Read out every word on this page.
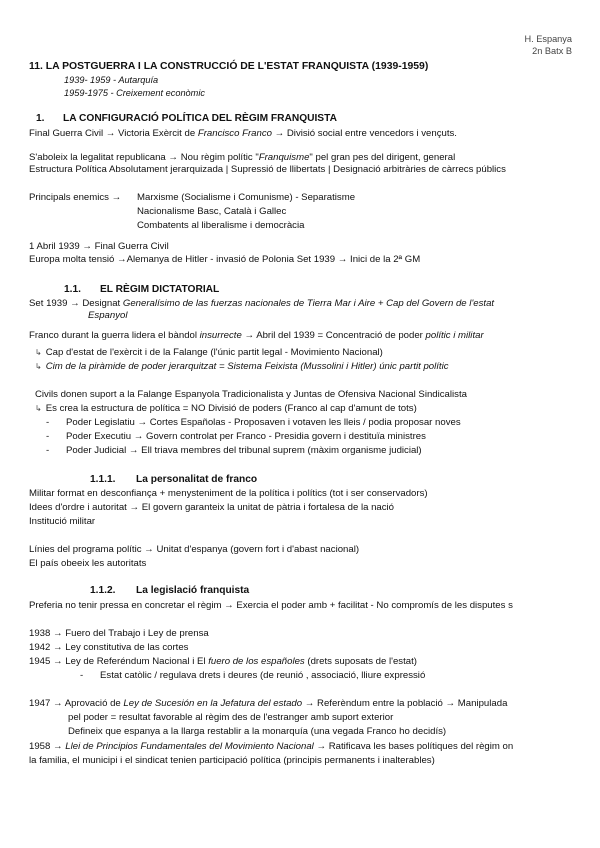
H. Espanya
2n Batx B
11. LA POSTGUERRA I LA CONSTRUCCIÓ DE L'ESTAT FRANQUISTA (1939-1959)
1939- 1959 - Autarquía
1959-1975 - Creixement econòmic
1. LA CONFIGURACIÓ POLÍTICA DEL RÈGIM FRANQUISTA
Final Guerra Civil → Victoria Exèrcit de Francisco Franco → Divisió social entre vencedors i vençuts.
S'aboleix la legalitat republicana → Nou règim polític "Franquisme" pel gran pes del dirigent, general
Estructura Política Absolutament jerarquizada | Supressió de llibertats | Designació arbitràries de càrrecs públics
Principals enemics → Marxisme (Socialisme i Comunisme) - Separatisme
Nacionalisme Basc, Català i Gallec
Combatents al liberalisme i democràcia
1 Abril 1939 → Final Guerra Civil
Europa molta tensió →Alemanya de Hitler - invasió de Polonia Set 1939 → Inici de la 2ª GM
1.1. EL RÈGIM DICTATORIAL
Set 1939 → Designat Generalísimo de las fuerzas nacionales de Tierra Mar i Aire + Cap del Govern de l'estat
Espanyol
Franco durant la guerra lidera el bàndol insurrecte → Abril del 1939 = Concentració de poder polític i militar
↳ Cap d'estat de l'exèrcit i de la Falange (l'únic partit legal - Movimiento Nacional)
↳ Cim de la piràmide de poder jerarquitzat = Sistema Feixista (Mussolini i Hitler) únic partit polític
Civils donen suport a la Falange Espanyola Tradicionalista y Juntas de Ofensiva Nacional Sindicalista
↳ Es crea la estructura de política = NO Divisió de poders (Franco al cap d'amunt de tots)
- Poder Legislatiu → Cortes Españolas - Proposaven i votaven les lleis / podia proposar noves
- Poder Executiu → Govern controlat per Franco - Presidia govern i destituïa ministres
- Poder Judicial → Ell triava membres del tribunal suprem (màxim organisme judicial)
1.1.1. La personalitat de franco
Militar format en desconfiança + menysteniment de la política i polítics (tot i ser conservadors)
Idees d'ordre i autoritat → El govern garanteix la unitat de pàtria i fortalesa de la nació
Institució militar
Línies del programa polític → Unitat d'espanya (govern fort i d'abast nacional)
El país obeeix les autoritats
1.1.2. La legislació franquista
Preferia no tenir pressa en concretar el règim → Exercia el poder amb + facilitat - No compromís de les disputes s
1938 → Fuero del Trabajo i Ley de prensa
1942 → Ley constitutiva de las cortes
1945 → Ley de Referéndum Nacional i El fuero de los españoles (drets suposats de l'estat)
- Estat catòlic / regulava drets i deures (de reunió , associació, lliure expressió
1947 → Aprovació de Ley de Sucesión en la Jefatura del estado → Referèndum entre la població → Manipulada
pel poder = resultat favorable al règim des de l'estranger amb suport exterior
Defineix que espanya a la llarga restablir a la monarquía (una vegada Franco ho decidís)
1958 → Llei de Principios Fundamentales del Movimiento Nacional → Ratificava les bases polítiques del règim on
la familia, el municipi i el sindicat tenien participació política (principis permanents i inalterables)
